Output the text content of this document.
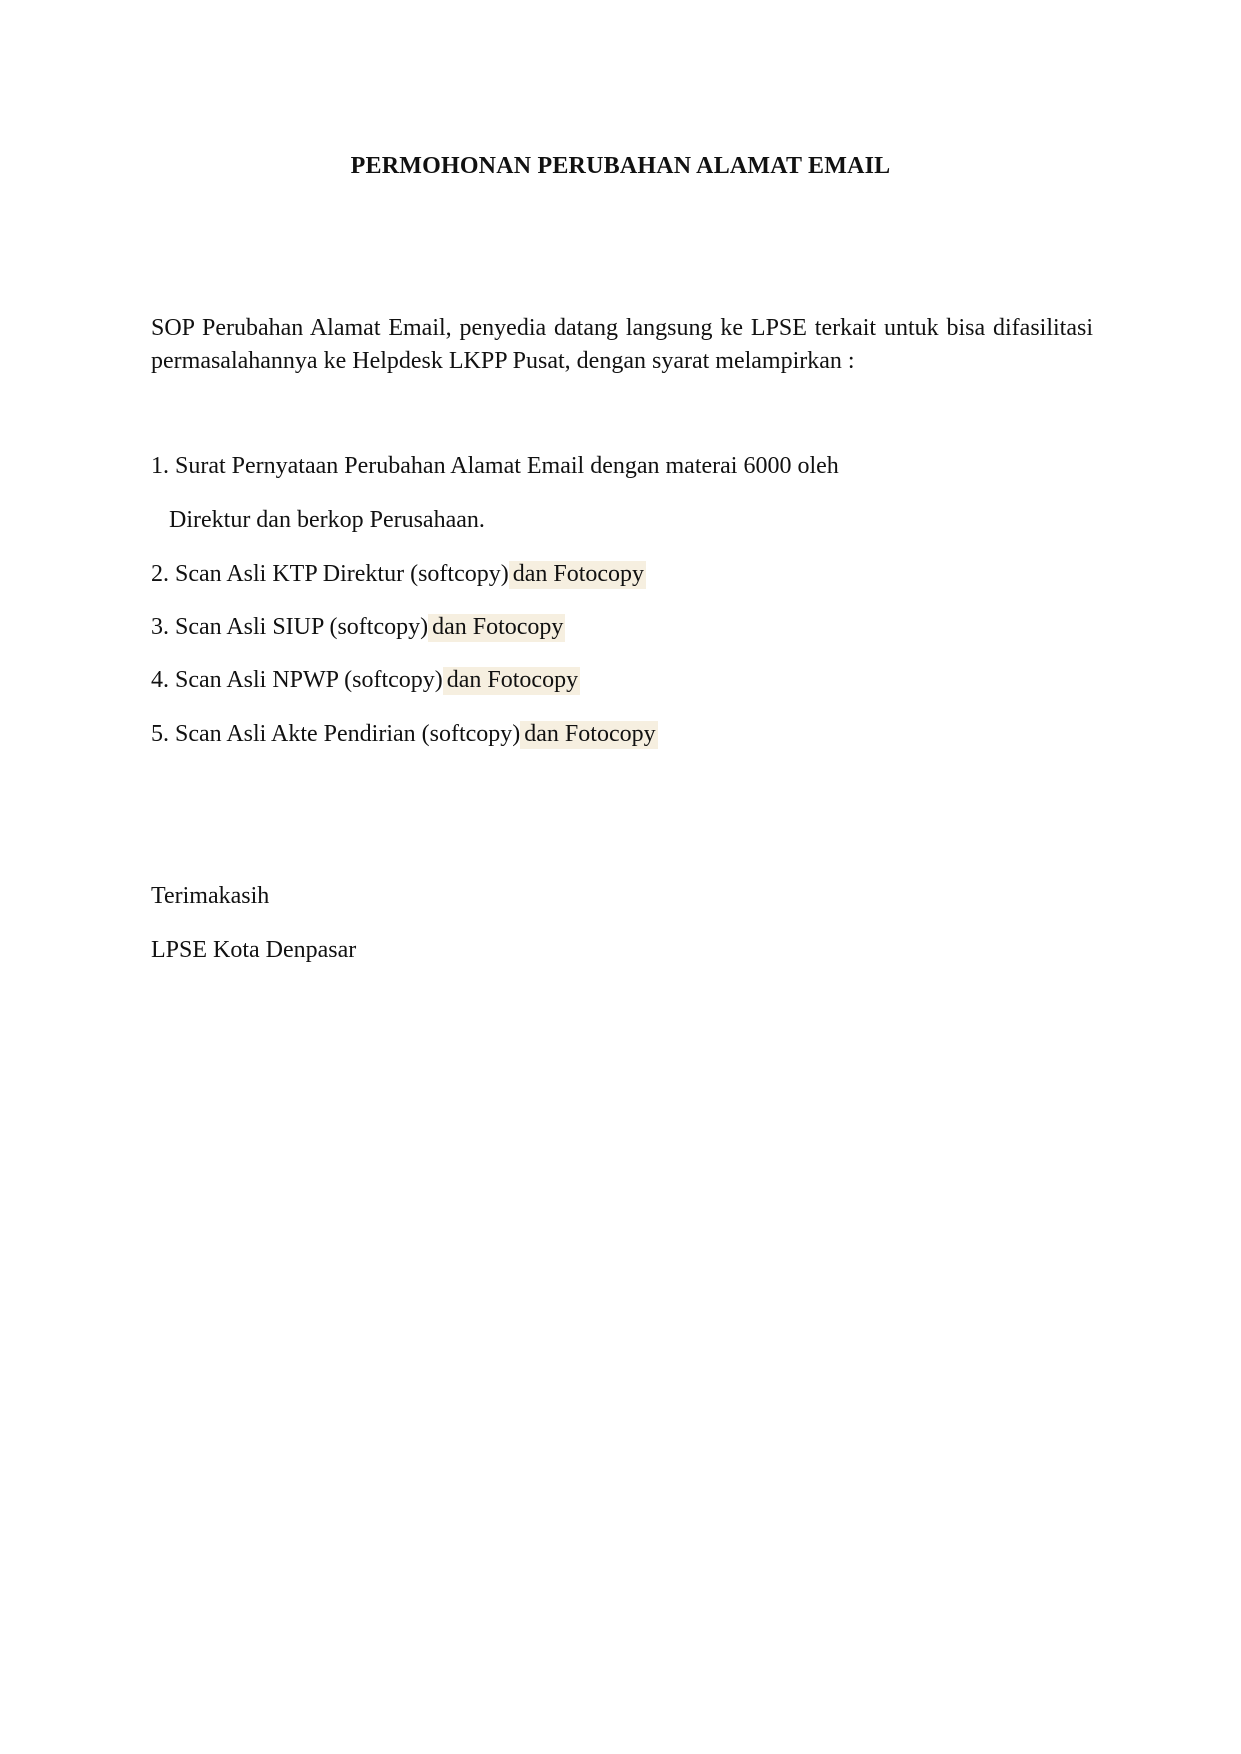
PERMOHONAN PERUBAHAN ALAMAT EMAIL
SOP Perubahan Alamat Email, penyedia datang langsung ke LPSE terkait untuk bisa difasilitasi permasalahannya ke Helpdesk LKPP Pusat, dengan syarat melampirkan :
1. Surat Pernyataan Perubahan Alamat Email dengan materai 6000 oleh
Direktur dan berkop Perusahaan.
2. Scan Asli KTP Direktur (softcopy) dan Fotocopy
3. Scan Asli SIUP (softcopy) dan Fotocopy
4. Scan Asli NPWP (softcopy) dan Fotocopy
5. Scan Asli Akte Pendirian (softcopy) dan Fotocopy
Terimakasih
LPSE Kota Denpasar
